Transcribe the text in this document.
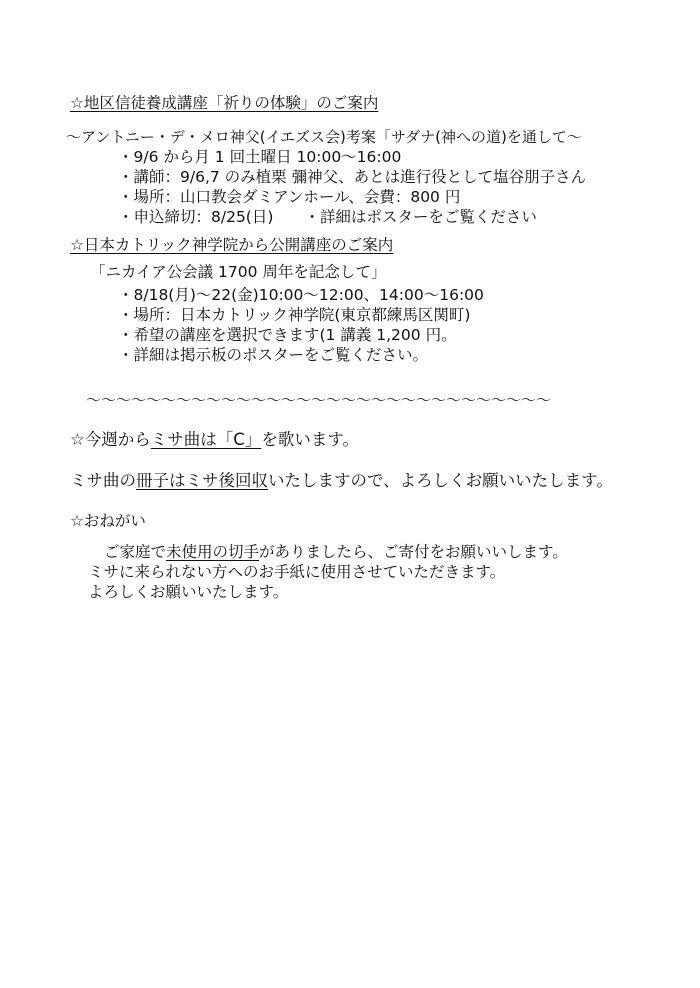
☆地区信徒養成講座「祈りの体験」のご案内
～アントニー・デ・メロ神父(イエズス会)考案「サダナ(神への道)を通して～
・9/6 から月 1 回土曜日 10:00～16:00
・講師：9/6,7 のみ植栗 彌神父、あとは進行役として塩谷朋子さん
・場所：山口教会ダミアンホール、会費：800 円
・申込締切：8/25(日)　　・詳細はポスターをご覧ください
☆日本カトリック神学院から公開講座のご案内
「ニカイア公会議 1700 周年を記念して」
・8/18(月)～22(金)10:00～12:00、14:00～16:00
・場所：日本カトリック神学院(東京都練馬区関町)
・希望の講座を選択できます(1 講義 1,200 円。
・詳細は掲示板のポスターをご覧ください。
～～～～～～～～～～～～～～～～～～～～～～～～～～～～～～～
☆今週からミサ曲は「C」を歌います。
ミサ曲の冊子はミサ後回収いたしますので、よろしくお願いいたします。
☆おねがい
ご家庭で未使用の切手がありましたら、ご寄付をお願いいします。
ミサに来られない方へのお手紙に使用させていただきます。
よろしくお願いいたします。
